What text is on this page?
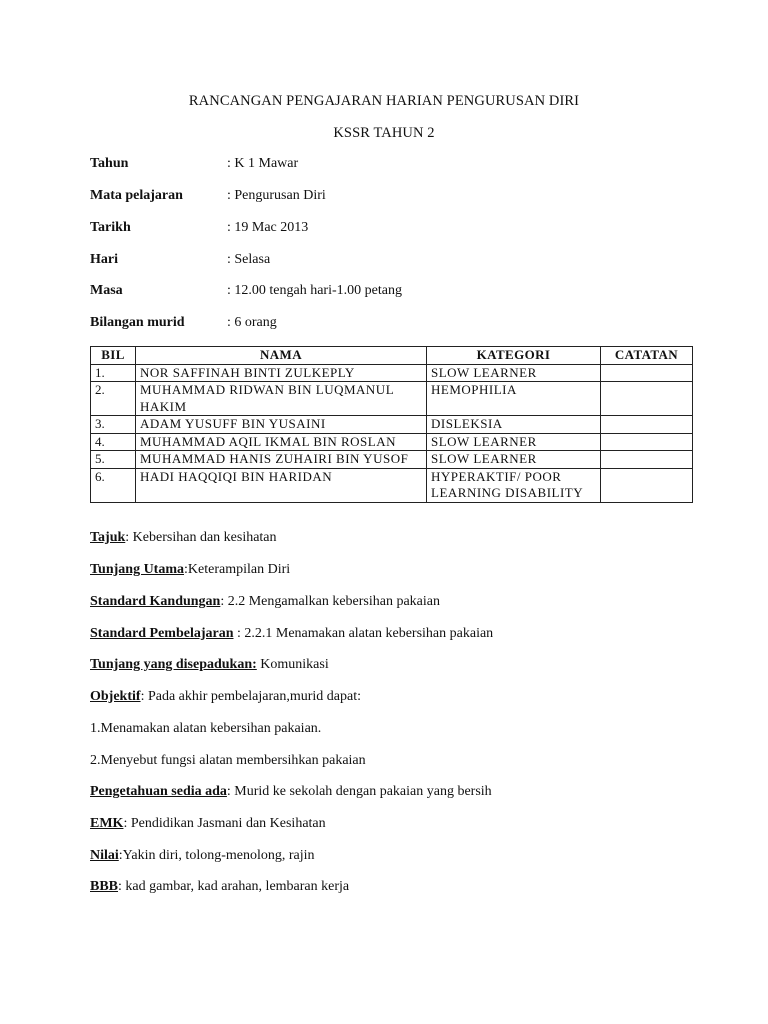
RANCANGAN PENGAJARAN HARIAN PENGURUSAN DIRI
KSSR TAHUN 2
Tahun	: K 1 Mawar
Mata pelajaran	: Pengurusan Diri
Tarikh	: 19 Mac 2013
Hari	: Selasa
Masa	: 12.00 tengah hari-1.00 petang
Bilangan murid	: 6 orang
BIL	NAMA	KATEGORI	CATATAN
1.	NOR SAFFINAH BINTI ZULKEPLY	SLOW LEARNER	
2.	MUHAMMAD RIDWAN BIN LUQMANUL HAKIM	HEMOPHILIA	
3.	ADAM YUSUFF BIN YUSAINI	DISLEKSIA	
4.	MUHAMMAD AQIL IKMAL BIN ROSLAN	SLOW LEARNER	
5.	MUHAMMAD HANIS ZUHAIRI BIN YUSOF	SLOW LEARNER	
6.	HADI HAQQIQI BIN HARIDAN	HYPERAKTIF/ POOR LEARNING DISABILITY	
Tajuk: Kebersihan dan kesihatan
Tunjang Utama:Keterampilan Diri
Standard Kandungan: 2.2 Mengamalkan kebersihan pakaian
Standard Pembelajaran : 2.2.1 Menamakan alatan kebersihan pakaian
Tunjang yang disepadukan: Komunikasi
Objektif: Pada akhir pembelajaran,murid dapat:
1.Menamakan alatan kebersihan pakaian.
2.Menyebut fungsi alatan membersihkan pakaian
Pengetahuan sedia ada: Murid ke sekolah dengan pakaian yang bersih
EMK: Pendidikan Jasmani dan Kesihatan
Nilai:Yakin diri, tolong-menolong, rajin
BBB: kad gambar, kad arahan, lembaran kerja
